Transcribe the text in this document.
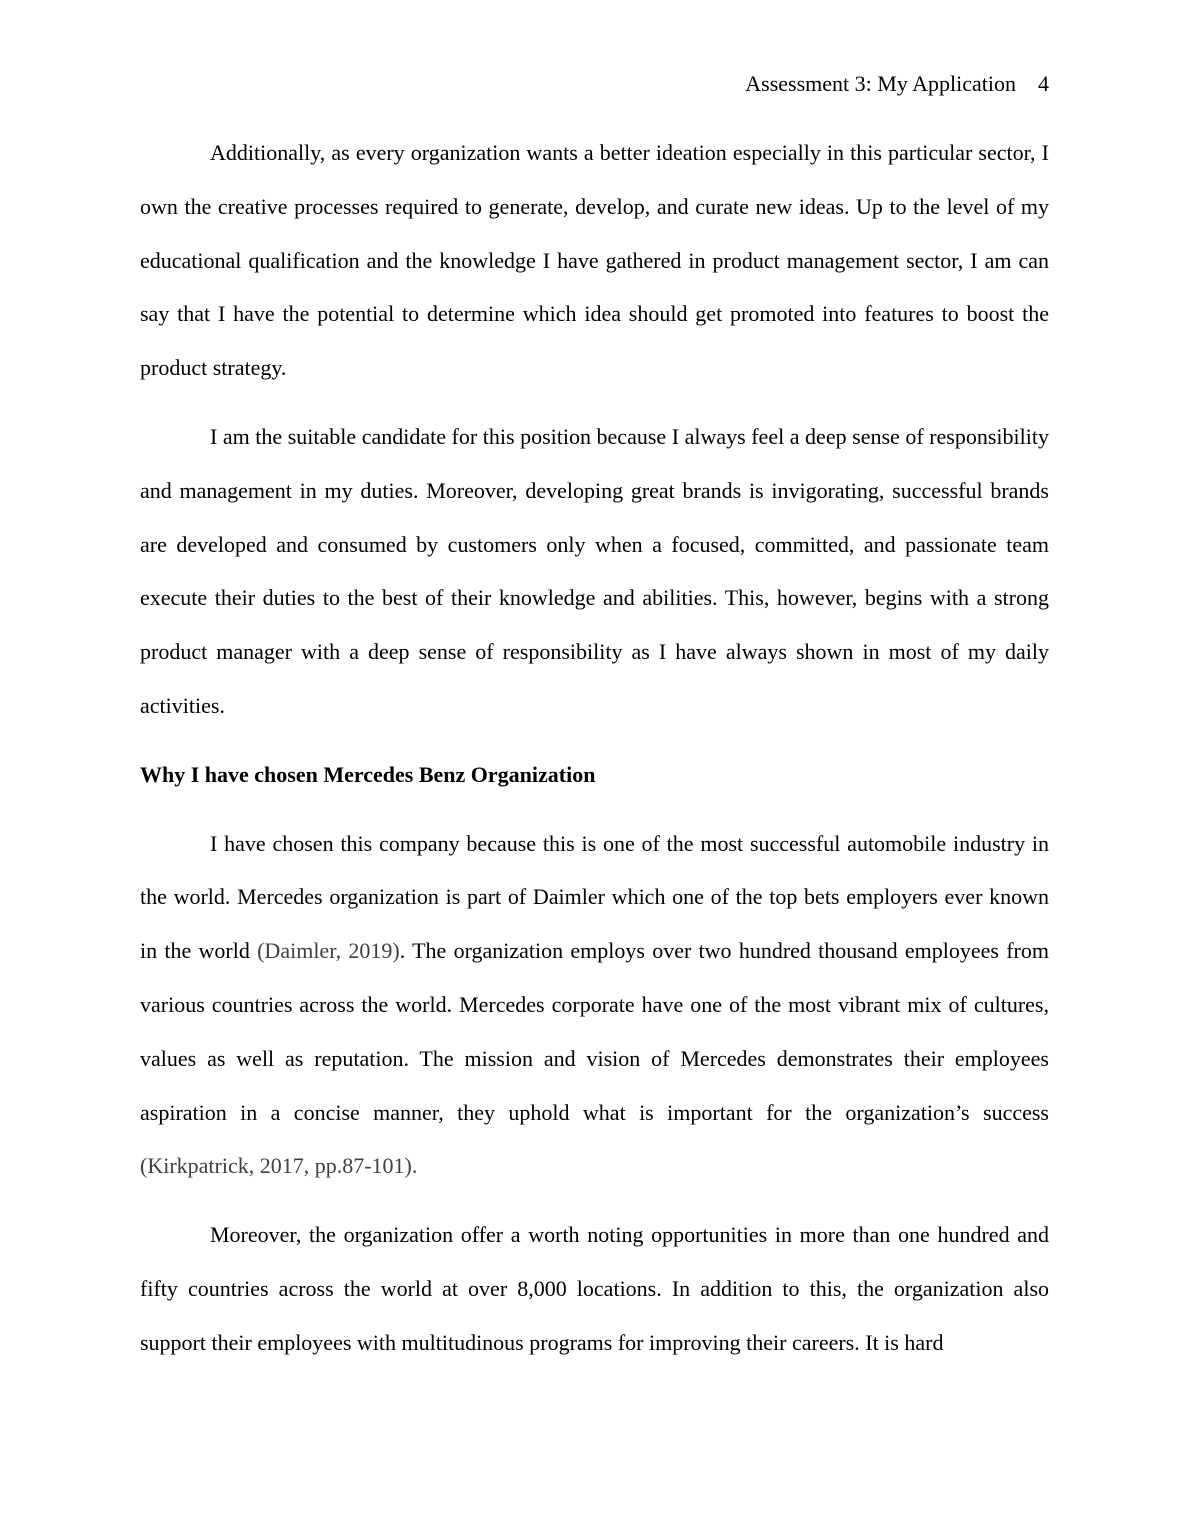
Assessment 3: My Application 4

Additionally, as every organization wants a better ideation especially in this particular sector, I own the creative processes required to generate, develop, and curate new ideas. Up to the level of my educational qualification and the knowledge I have gathered in product management sector, I am can say that I have the potential to determine which idea should get promoted into features to boost the product strategy.

I am the suitable candidate for this position because I always feel a deep sense of responsibility and management in my duties. Moreover, developing great brands is invigorating, successful brands are developed and consumed by customers only when a focused, committed, and passionate team execute their duties to the best of their knowledge and abilities. This, however, begins with a strong product manager with a deep sense of responsibility as I have always shown in most of my daily activities.

Why I have chosen Mercedes Benz Organization

I have chosen this company because this is one of the most successful automobile industry in the world. Mercedes organization is part of Daimler which one of the top bets employers ever known in the world (Daimler, 2019). The organization employs over two hundred thousand employees from various countries across the world. Mercedes corporate have one of the most vibrant mix of cultures, values as well as reputation. The mission and vision of Mercedes demonstrates their employees aspiration in a concise manner, they uphold what is important for the organization’s success (Kirkpatrick, 2017, pp.87-101).

Moreover, the organization offer a worth noting opportunities in more than one hundred and fifty countries across the world at over 8,000 locations. In addition to this, the organization also support their employees with multitudinous programs for improving their careers. It is hard
